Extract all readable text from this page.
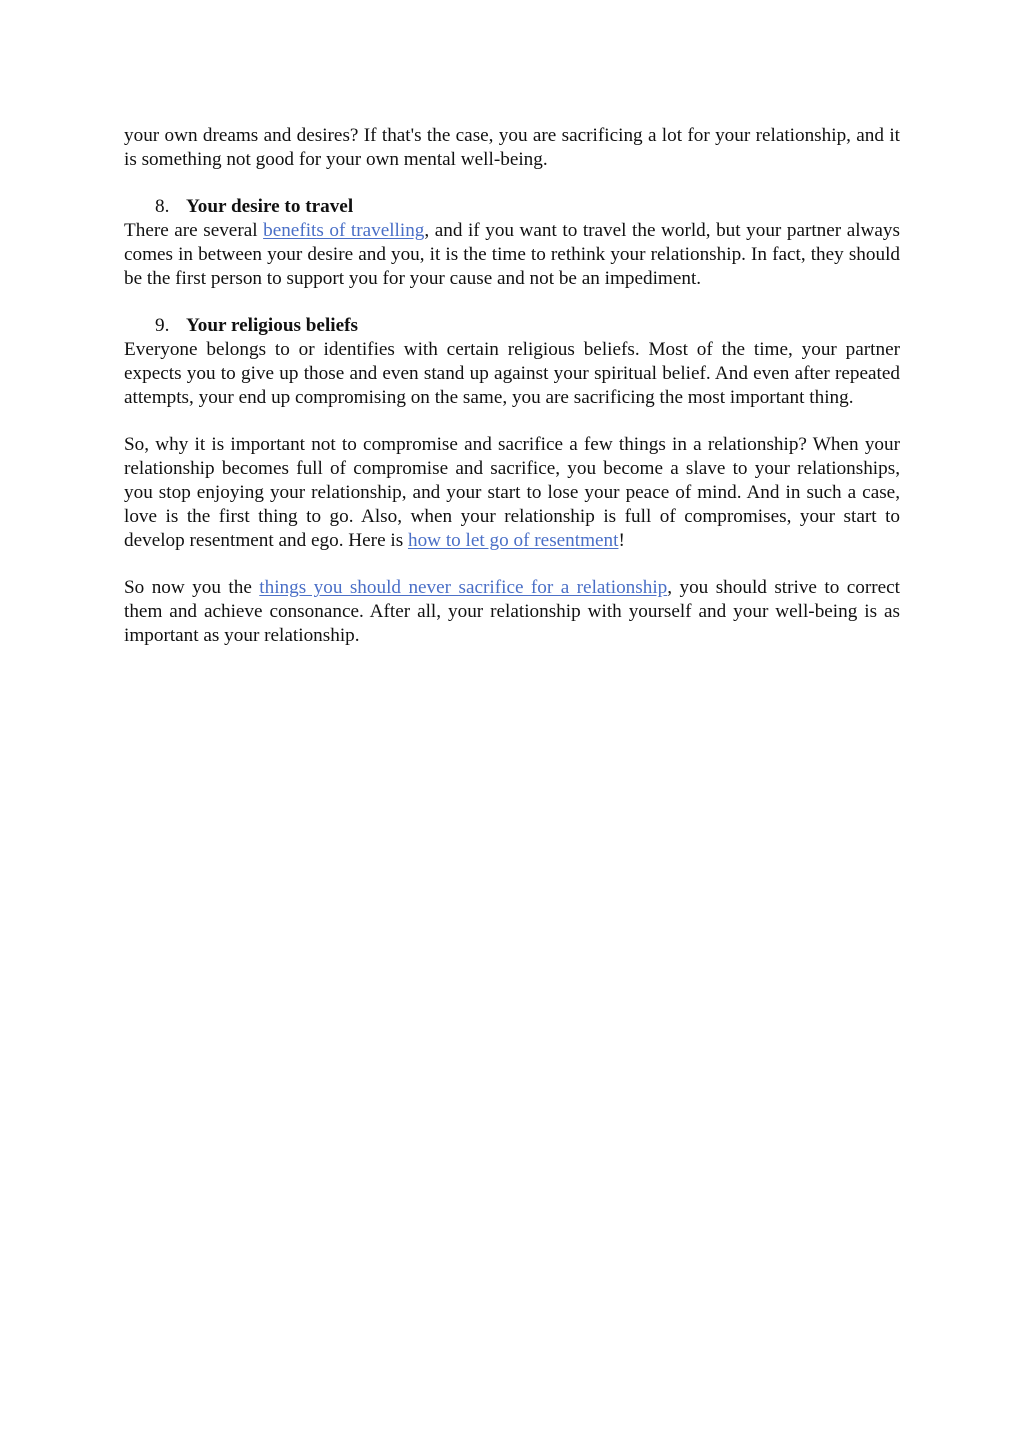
your own dreams and desires? If that's the case, you are sacrificing a lot for your relationship, and it is something not good for your own mental well-being.

8. Your desire to travel

There are several benefits of travelling, and if you want to travel the world, but your partner always comes in between your desire and you, it is the time to rethink your relationship. In fact, they should be the first person to support you for your cause and not be an impediment.

9. Your religious beliefs

Everyone belongs to or identifies with certain religious beliefs. Most of the time, your partner expects you to give up those and even stand up against your spiritual belief. And even after repeated attempts, your end up compromising on the same, you are sacrificing the most important thing.

So, why it is important not to compromise and sacrifice a few things in a relationship? When your relationship becomes full of compromise and sacrifice, you become a slave to your relationships, you stop enjoying your relationship, and your start to lose your peace of mind. And in such a case, love is the first thing to go. Also, when your relationship is full of compromises, your start to develop resentment and ego. Here is how to let go of resentment!

So now you the things you should never sacrifice for a relationship, you should strive to correct them and achieve consonance. After all, your relationship with yourself and your well-being is as important as your relationship.
